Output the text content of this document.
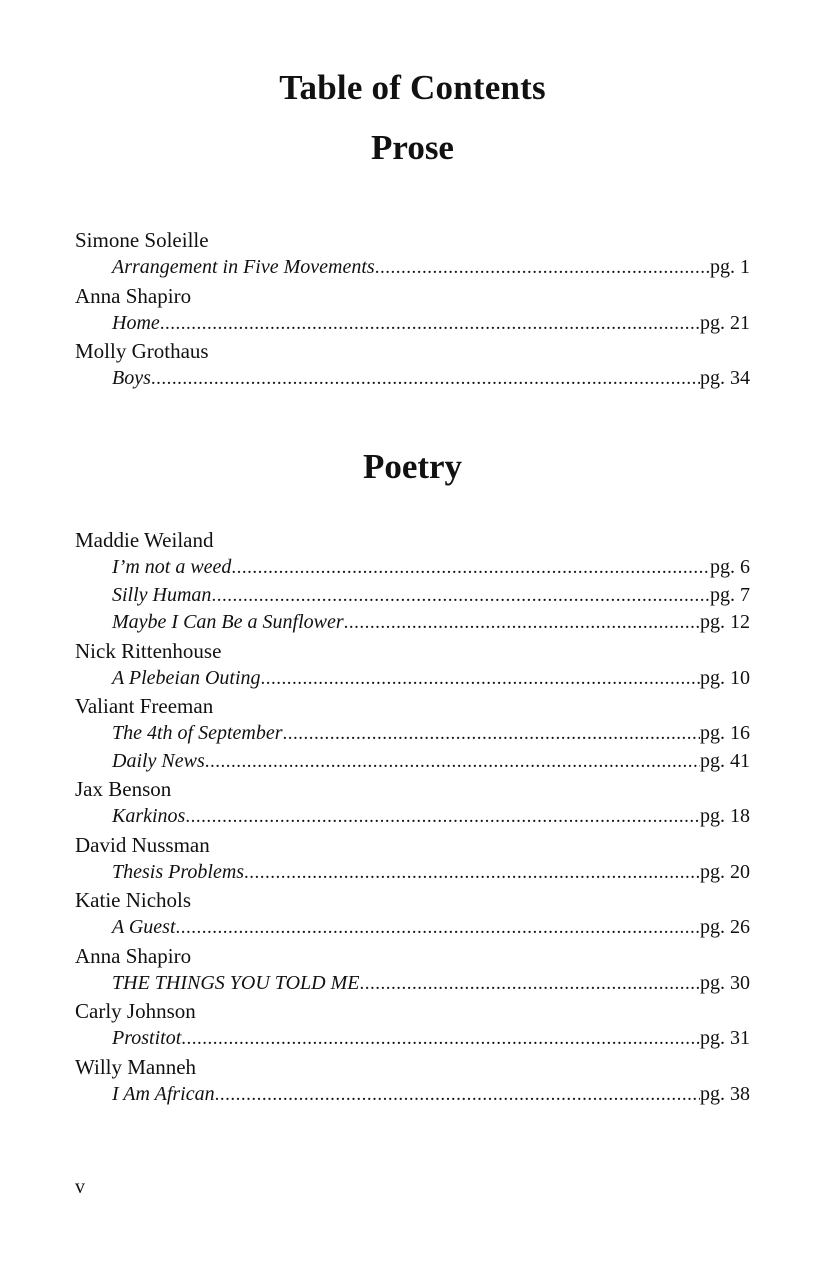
Table of Contents
Prose
Simone Soleille
Arrangement in Five Movements .....	pg. 1
Anna Shapiro
Home .....	pg. 21
Molly Grothaus
Boys .....	pg. 34
Poetry
Maddie Weiland
I’m not a weed .....	pg. 6
Silly Human .....	pg. 7
Maybe I Can Be a Sunflower .....	pg. 12
Nick Rittenhouse
A Plebeian Outing .....	pg. 10
Valiant Freeman
The 4th of September .....	pg. 16
Daily News .....	pg. 41
Jax Benson
Karkinos .....	pg. 18
David Nussman
Thesis Problems .....	pg. 20
Katie Nichols
A Guest .....	pg. 26
Anna Shapiro
THE THINGS YOU TOLD ME .....	pg. 30
Carly Johnson
Prostitot .....	pg. 31
Willy Manneh
I Am African .....	pg. 38
v
